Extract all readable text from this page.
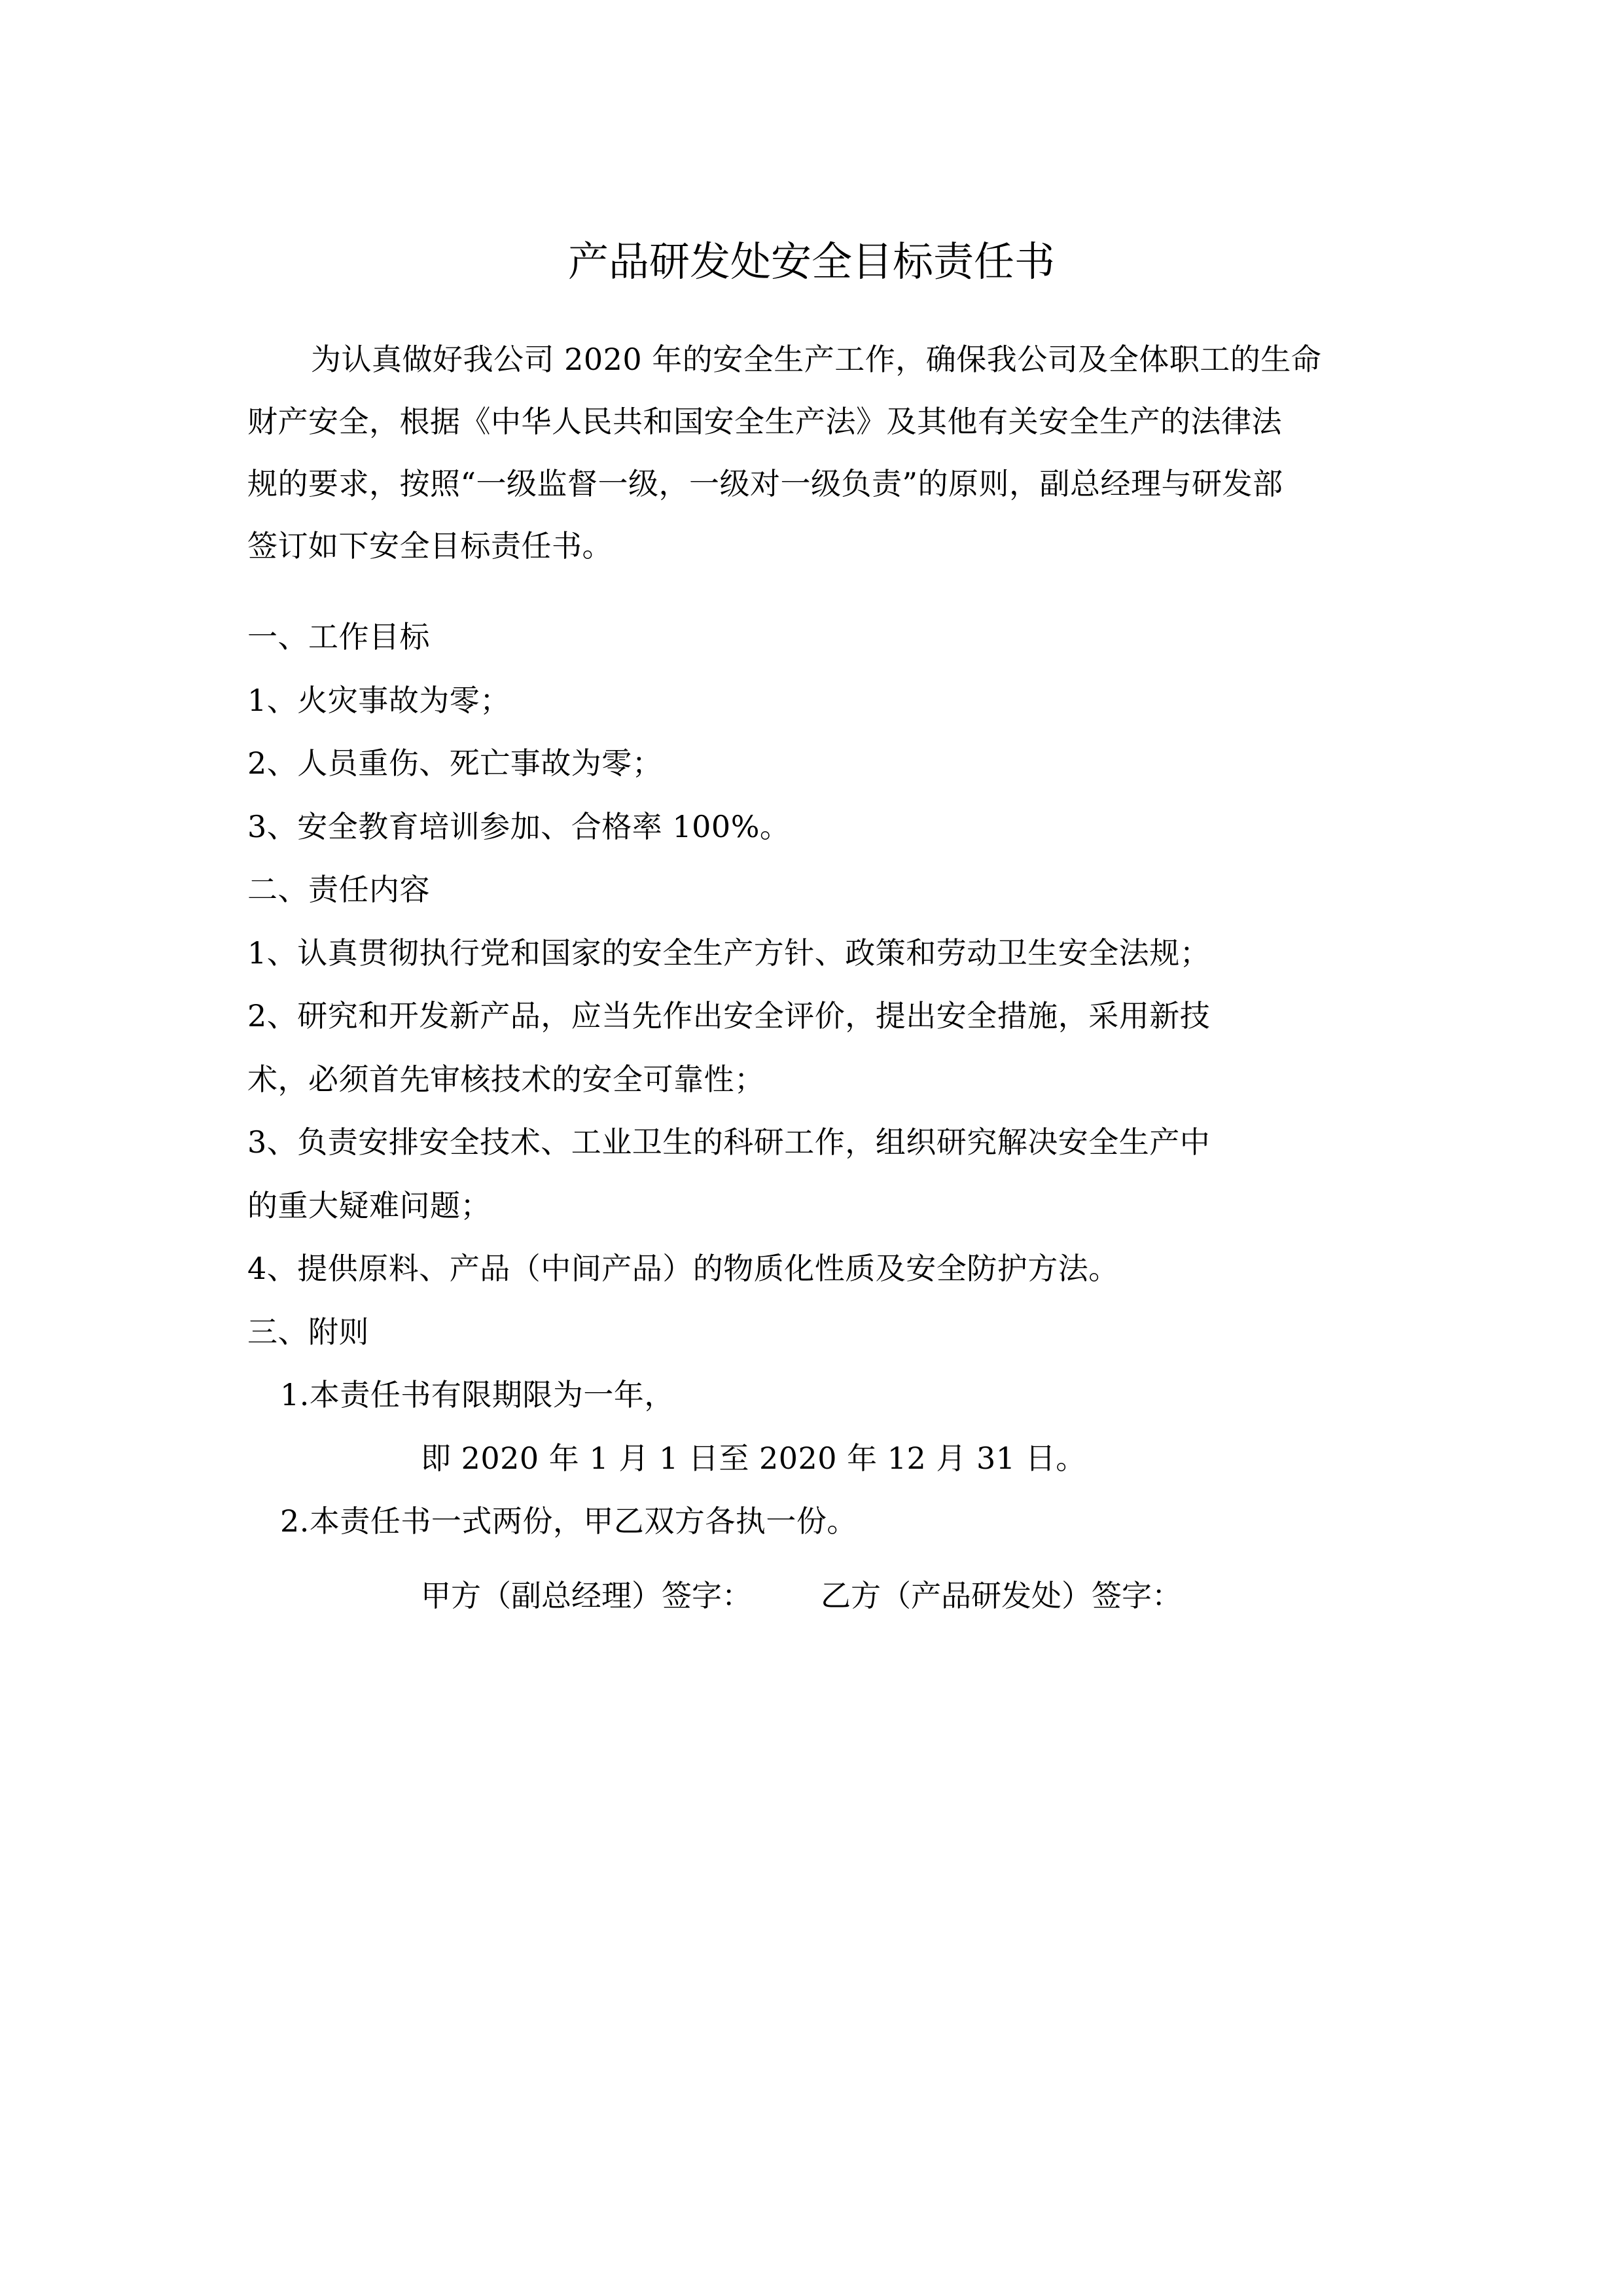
产品研发处安全目标责任书
为认真做好我公司 2020 年的安全生产工作，确保我公司及全体职工的生命
财产安全，根据《中华人民共和国安全生产法》及其他有关安全生产的法律法
规的要求，按照“一级监督一级，一级对一级负责”的原则，副总经理与研发部
签订如下安全目标责任书。
一、工作目标
1、火灾事故为零；
2、人员重伤、死亡事故为零；
3、安全教育培训参加、合格率 100%。
二、责任内容
1、认真贯彻执行党和国家的安全生产方针、政策和劳动卫生安全法规；
2、研究和开发新产品，应当先作出安全评价，提出安全措施，采用新技
术，必须首先审核技术的安全可靠性；
3、负责安排安全技术、工业卫生的科研工作，组织研究解决安全生产中
的重大疑难问题；
4、提供原料、产品（中间产品）的物质化性质及安全防护方法。
三、附则
1.本责任书有限期限为一年，
即 2020 年 1 月 1 日至 2020 年 12 月 31 日。
2.本责任书一式两份，甲乙双方各执一份。
甲方（副总经理）签字： 乙方（产品研发处）签字：
